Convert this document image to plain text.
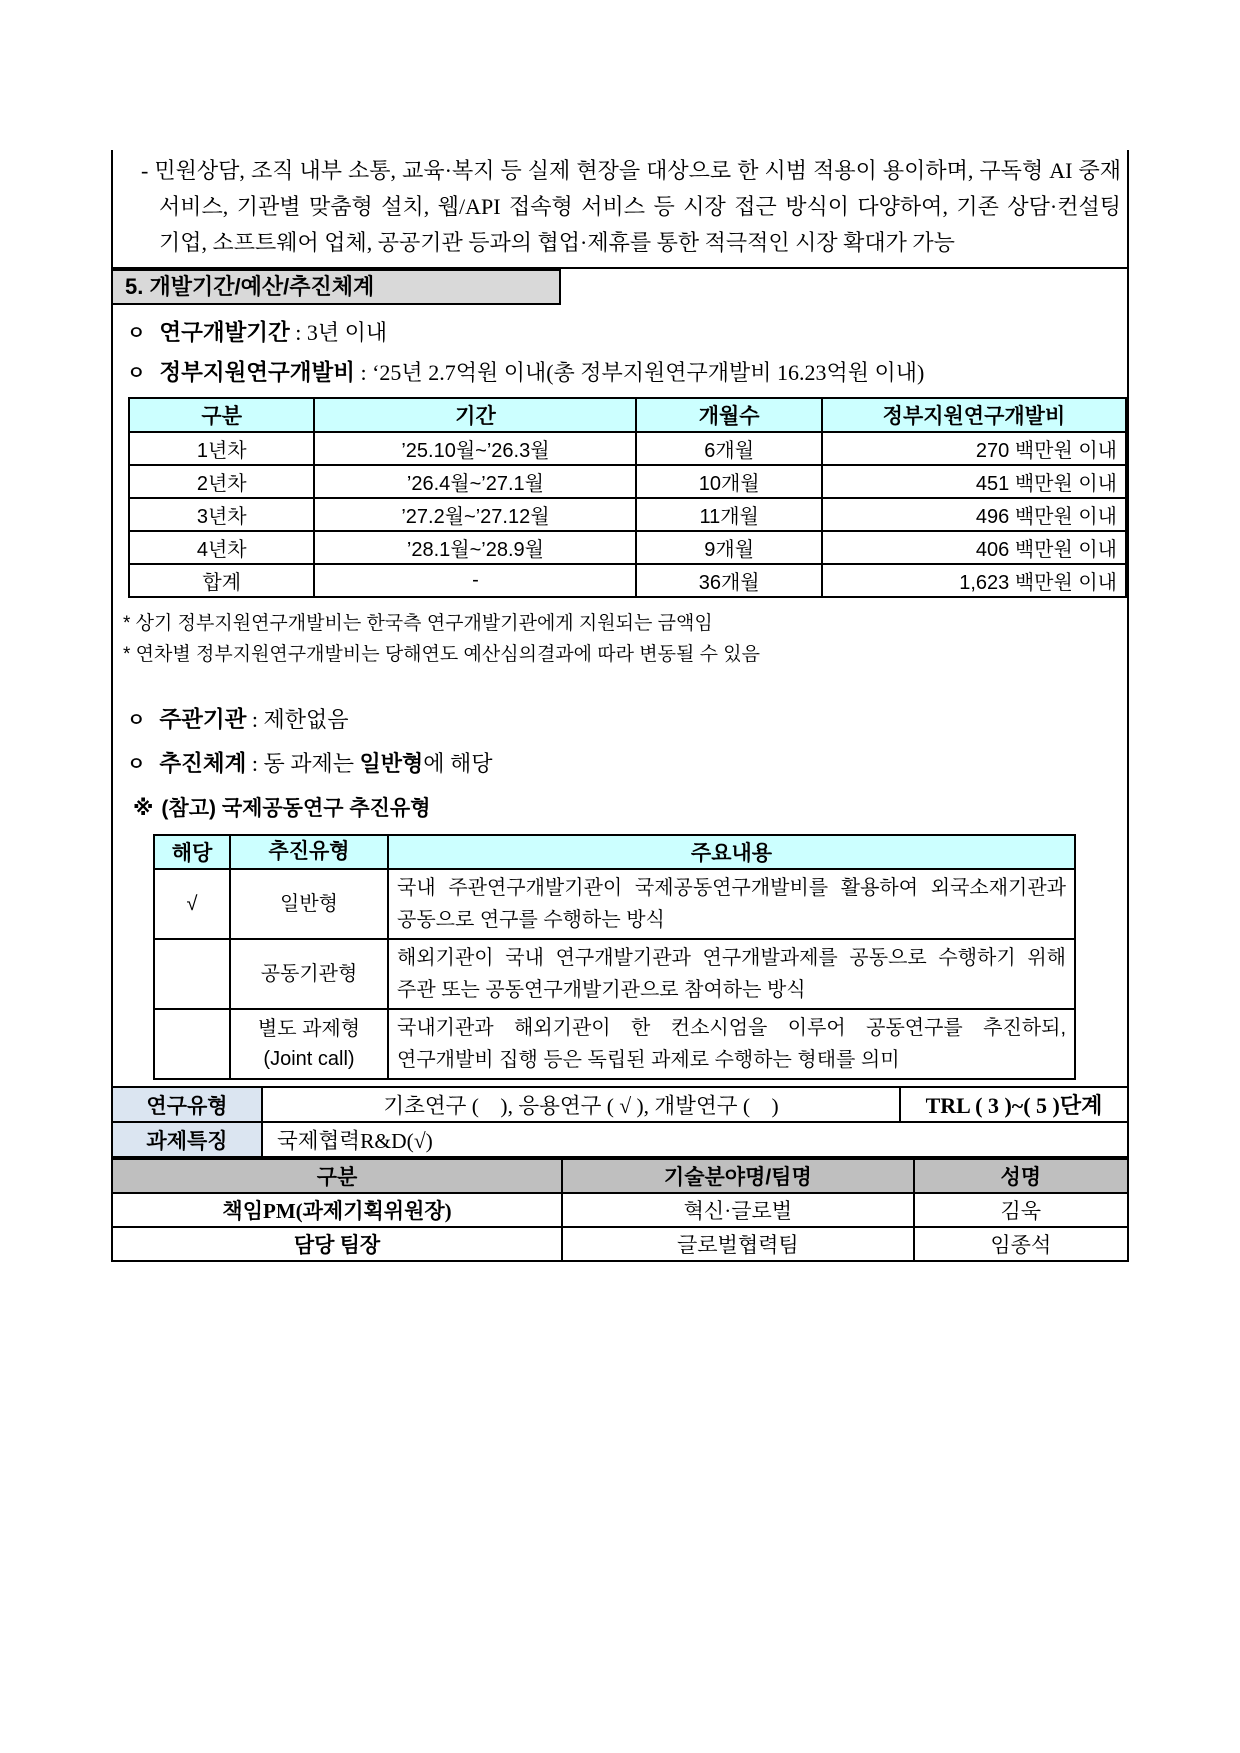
- 민원상담, 조직 내부 소통, 교육·복지 등 실제 현장을 대상으로 한 시범 적용이 용이하며, 구독형 AI 중재 서비스, 기관별 맞춤형 설치, 웹/API 접속형 서비스 등 시장 접근 방식이 다양하여, 기존 상담·컨설팅 기업, 소프트웨어 업체, 공공기관 등과의 협업·제휴를 통한 적극적인 시장 확대가 가능
5. 개발기간/예산/추진체계
ㅇ 연구개발기간 : 3년 이내
ㅇ 정부지원연구개발비 : ‘25년 2.7억원 이내(총 정부지원연구개발비 16.23억원 이내)
구분	기간	개월수	정부지원연구개발비
1년차	’25.10월~’26.3월	6개월	270 백만원 이내
2년차	’26.4월~’27.1월	10개월	451 백만원 이내
3년차	’27.2월~’27.12월	11개월	496 백만원 이내
4년차	’28.1월~’28.9월	9개월	406 백만원 이내
합계	-	36개월	1,623 백만원 이내
* 상기 정부지원연구개발비는 한국측 연구개발기관에게 지원되는 금액임
* 연차별 정부지원연구개발비는 당해연도 예산심의결과에 따라 변동될 수 있음
ㅇ 주관기관 : 제한없음
ㅇ 추진체계 : 동 과제는 일반형에 해당
※ (참고) 국제공동연구 추진유형
해당	추진유형	주요내용
√	일반형	국내 주관연구개발기관이 국제공동연구개발비를 활용하여 외국소재기관과 공동으로 연구를 수행하는 방식
	공동기관형	해외기관이 국내 연구개발기관과 연구개발과제를 공동으로 수행하기 위해 주관 또는 공동연구개발기관으로 참여하는 방식
	별도 과제형 (Joint call)	국내기관과 해외기관이 한 컨소시엄을 이루어 공동연구를 추진하되, 연구개발비 집행 등은 독립된 과제로 수행하는 형태를 의미
연구유형	기초연구 (    ), 응용연구 ( √ ), 개발연구 (    )	TRL ( 3 )~( 5 )단계
과제특징	국제협력R&D(√)	
구분	기술분야명/팀명	성명
책임PM(과제기획위원장)	혁신·글로벌	김욱
담당 팀장	글로벌협력팀	임종석
